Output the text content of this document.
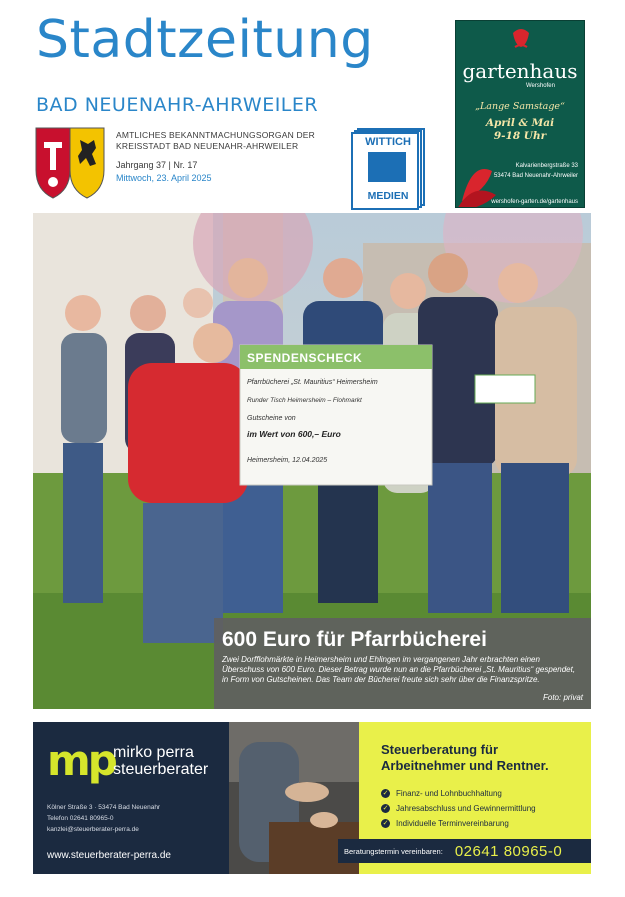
Stadtzeitung
BAD NEUENAHR-AHRWEILER
AMTLICHES BEKANNTMACHUNGSORGAN DER
KREISSTADT BAD NEUENAHR-AHRWEILER
Jahrgang 37 | Nr. 17
Mittwoch, 23. April 2025
WITTICH
MEDIEN
gartenhaus
Wershofen
„Lange Samstage“
April & Mai
9-18 Uhr
Kalvarienbergstraße 33
53474 Bad Neuenahr-Ahrweiler
wershofen-garten.de/gartenhaus
SPENDENSCHECK
Pfarrbücherei „St. Mauritius“ Heimersheim
Runder Tisch Heimersheim – Flohmarkt
Gutscheine von
im Wert von 600,– Euro
Heimersheim, 12.04.2025
600 Euro für Pfarrbücherei
Zwei Dorfflohmärkte in Heimersheim und Ehlingen im vergangenen Jahr erbrachten einen Überschuss von 600 Euro. Dieser Betrag wurde nun an die Pfarrbücherei „St. Mauritius“ gespendet, in Form von Gutscheinen. Das Team der Bücherei freute sich sehr über die Finanzspritze.
Foto: privat
mp
mirko perra
steuerberater
Kölner Straße 3 · 53474 Bad Neuenahr
Telefon 02641 80965-0
kanzlei@steuerberater-perra.de
www.steuerberater-perra.de
Steuerberatung für
Arbeitnehmer und Rentner.
✓ Finanz- und Lohnbuchhaltung
✓ Jahresabschluss und Gewinnermittlung
✓ Individuelle Terminvereinbarung
Beratungstermin vereinbaren: 02641 80965-0
